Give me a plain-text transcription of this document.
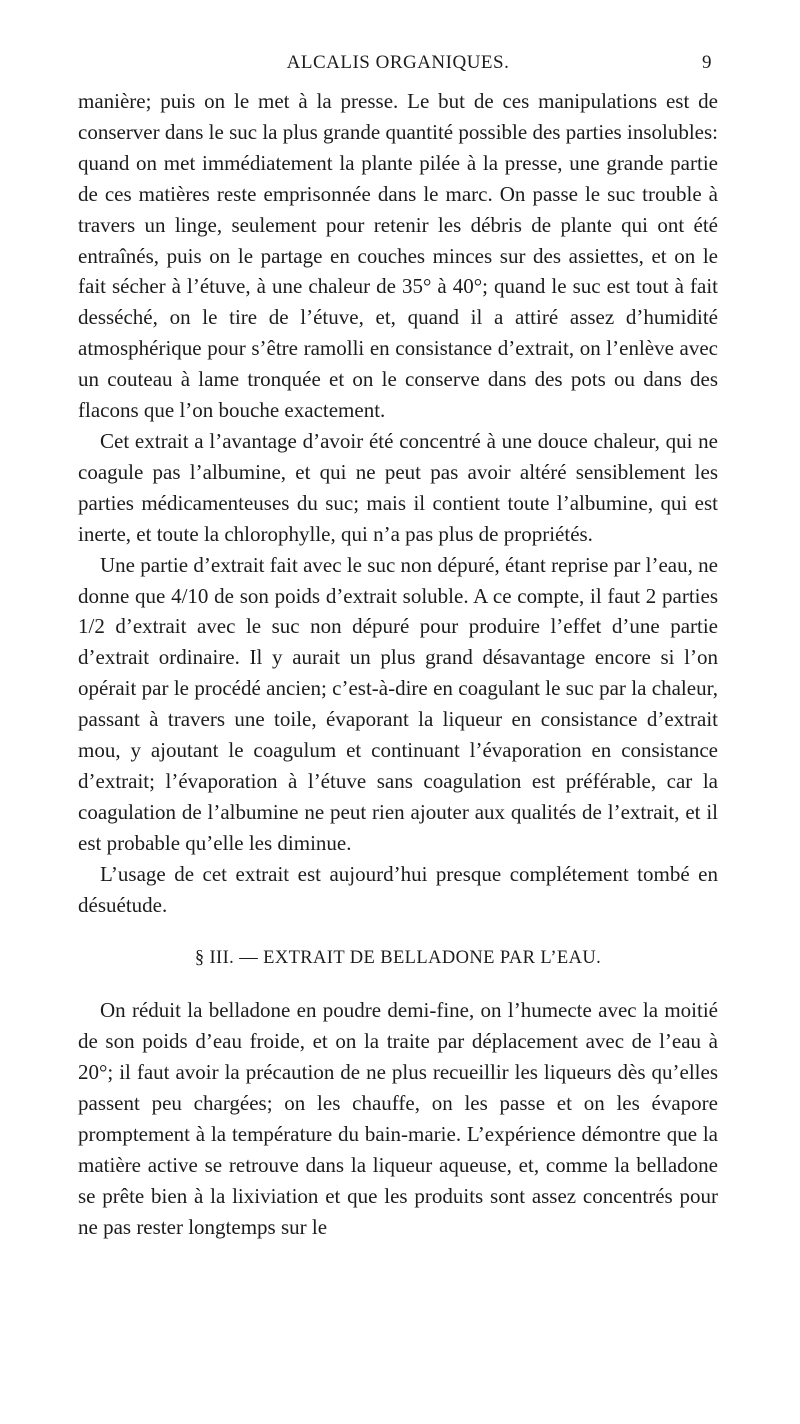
ALCALIS ORGANIQUES.	9

manière; puis on le met à la presse. Le but de ces manipulations est de conserver dans le suc la plus grande quantité possible des parties insolubles: quand on met immédiatement la plante pilée à la presse, une grande partie de ces matières reste emprisonnée dans le marc. On passe le suc trouble à travers un linge, seulement pour retenir les débris de plante qui ont été entraînés, puis on le partage en couches minces sur des assiettes, et on le fait sécher à l’étuve, à une chaleur de 35° à 40°; quand le suc est tout à fait desséché, on le tire de l’étuve, et, quand il a attiré assez d’humidité atmosphérique pour s’être ramolli en consistance d’extrait, on l’enlève avec un couteau à lame tronquée et on le conserve dans des pots ou dans des flacons que l’on bouche exactement.

Cet extrait a l’avantage d’avoir été concentré à une douce chaleur, qui ne coagule pas l’albumine, et qui ne peut pas avoir altéré sensiblement les parties médicamenteuses du suc; mais il contient toute l’albumine, qui est inerte, et toute la chlorophylle, qui n’a pas plus de propriétés.

Une partie d’extrait fait avec le suc non dépuré, étant reprise par l’eau, ne donne que 4/10 de son poids d’extrait soluble. A ce compte, il faut 2 parties 1/2 d’extrait avec le suc non dépuré pour produire l’effet d’une partie d’extrait ordinaire. Il y aurait un plus grand désavantage encore si l’on opérait par le procédé ancien; c’est-à-dire en coagulant le suc par la chaleur, passant à travers une toile, évaporant la liqueur en consistance d’extrait mou, y ajoutant le coagulum et continuant l’évaporation en consistance d’extrait; l’évaporation à l’étuve sans coagulation est préférable, car la coagulation de l’albumine ne peut rien ajouter aux qualités de l’extrait, et il est probable qu’elle les diminue.

L’usage de cet extrait est aujourd’hui presque complétement tombé en désuétude.

§ III. — EXTRAIT DE BELLADONE PAR L’EAU.

On réduit la belladone en poudre demi-fine, on l’humecte avec la moitié de son poids d’eau froide, et on la traite par déplacement avec de l’eau à 20°; il faut avoir la précaution de ne plus recueillir les liqueurs dès qu’elles passent peu chargées; on les chauffe, on les passe et on les évapore promptement à la température du bain-marie. L’expérience démontre que la matière active se retrouve dans la liqueur aqueuse, et, comme la belladone se prête bien à la lixiviation et que les produits sont assez concentrés pour ne pas rester longtemps sur le
